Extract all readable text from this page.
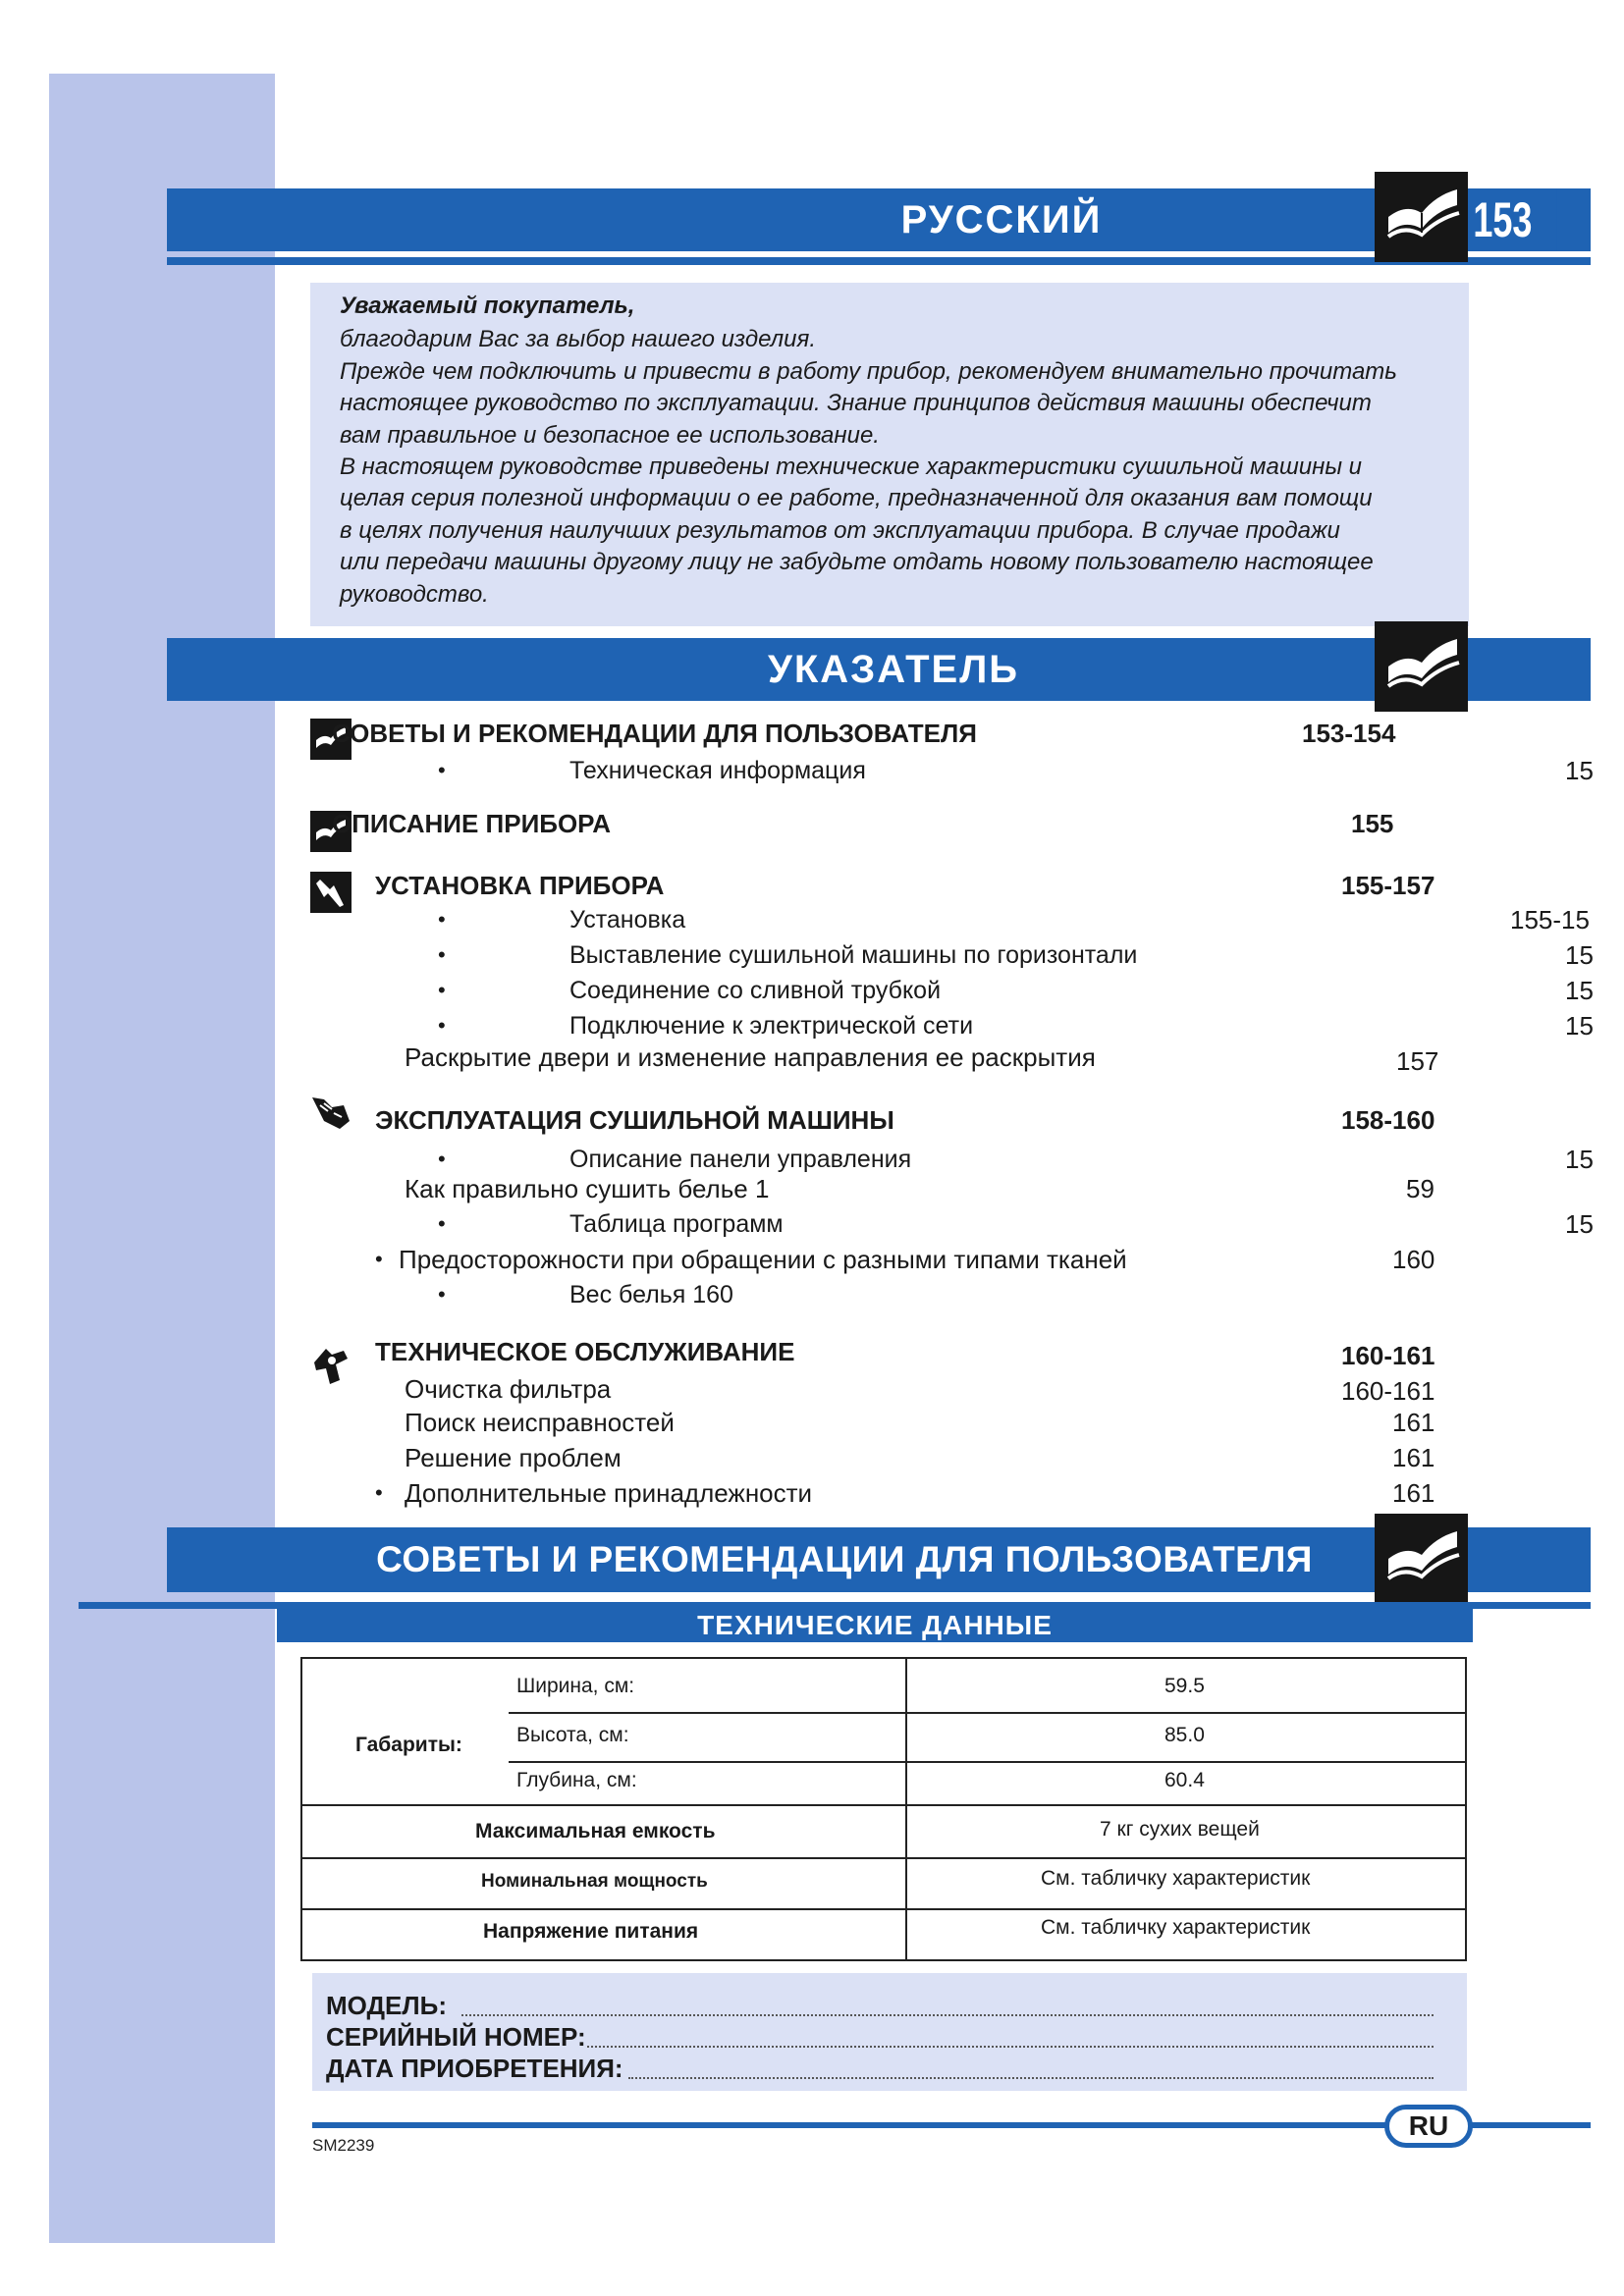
РУССКИЙ	153

Уважаемый покупатель,

благодарим Вас за выбор нашего изделия.

Прежде чем подключить и привести в работу прибор, рекомендуем внимательно прочитать

настоящее руководство по эксплуатации. Знание принципов действия машины обеспечит

вам правильное и безопасное ее использование.

В настоящем руководстве приведены технические характеристики сушильной машины и

целая серия полезной информации о ее работе, предназначенной для оказания вам помощи

в целях получения наилучших результатов от эксплуатации прибора. В случае продажи

или передачи машины другому лицу не забудьте отдать новому пользователю настоящее

руководство.

УКАЗАТЕЛЬ
СОВЕТЫ И РЕКОМЕНДАЦИИ ДЛЯ ПОЛЬЗОВАТЕЛЯ	153-154
•	Техническая информация	15
ОПИСАНИЕ ПРИБОРА	155
УСТАНОВКА ПРИБОРА	155-157
•	Установка	155-15
•	Выставление сушильной машины по горизонтали	15
•	Соединение со сливной трубкой	15
•	Подключение к электрической сети	15
Раскрытие двери и изменение направления ее раскрытия	157
ЭКСПЛУАТАЦИЯ СУШИЛЬНОЙ МАШИНЫ	158-160
•	Описание панели управления	15
Как правильно сушить белье 1	59
•	Таблица программ	15
• Предосторожности при обращении с разными типами тканей	160
•	Вес белья 160
ТЕХНИЧЕСКОЕ ОБСЛУЖИВАНИЕ	160-161
Очистка фильтра	160-161
Поиск неисправностей	161
Решение проблем	161
• Дополнительные принадлежности	161
СОВЕТЫ И РЕКОМЕНДАЦИИ ДЛЯ ПОЛЬЗОВАТЕЛЯ
ТЕХНИЧЕСКИЕ ДАННЫЕ
Габариты:
Ширина, см:	59.5
Высота, см:	85.0
Глубина, см:	60.4
Максимальная емкость	7 кг сухих вещей
Номинальная мощность	См. табличку характеристик
Напряжение питания	См. табличку характеристик
МОДЕЛЬ:
СЕРИЙНЫЙ НОМЕР:
ДАТА ПРИОБРЕТЕНИЯ:
RU
SM2239
